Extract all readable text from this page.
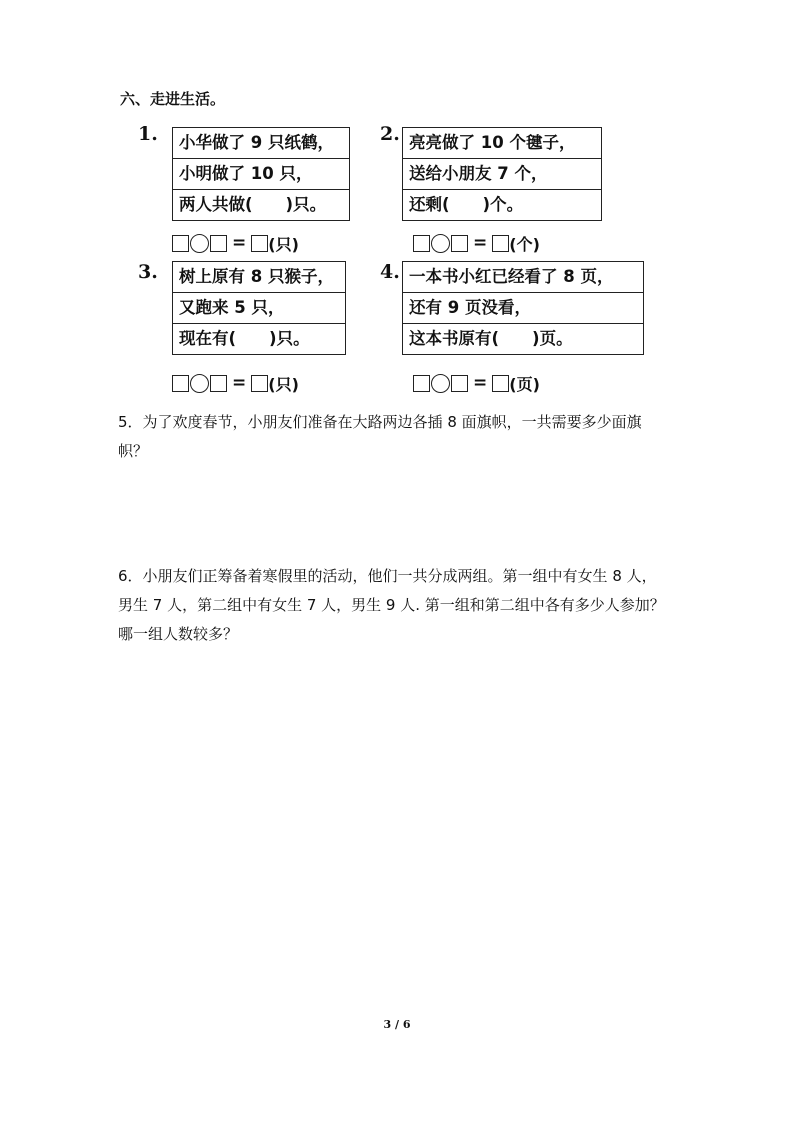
六、走进生活。
1.	小华做了 9 只纸鹤，
小明做了 10 只，
两人共做(　　)只。
= (只)
2. 亮亮做了 10 个毽子，
送给小朋友 7 个，
还剩(　　)个。
= (个)
3.	树上原有 8 只猴子，
又跑来 5 只，
现在有(　　)只。
= (只)
4. 一本书小红已经看了 8 页，
还有 9 页没看，
这本书原有(　　)页。
= (页)
5．为了欢度春节，小朋友们准备在大路两边各插 8 面旗帜，一共需要多少面旗
帜？
6．小朋友们正筹备着寒假里的活动，他们一共分成两组。第一组中有女生 8 人，
男生 7 人，第二组中有女生 7 人，男生 9 人. 第一组和第二组中各有多少人参加？
哪一组人数较多？
3 / 6
